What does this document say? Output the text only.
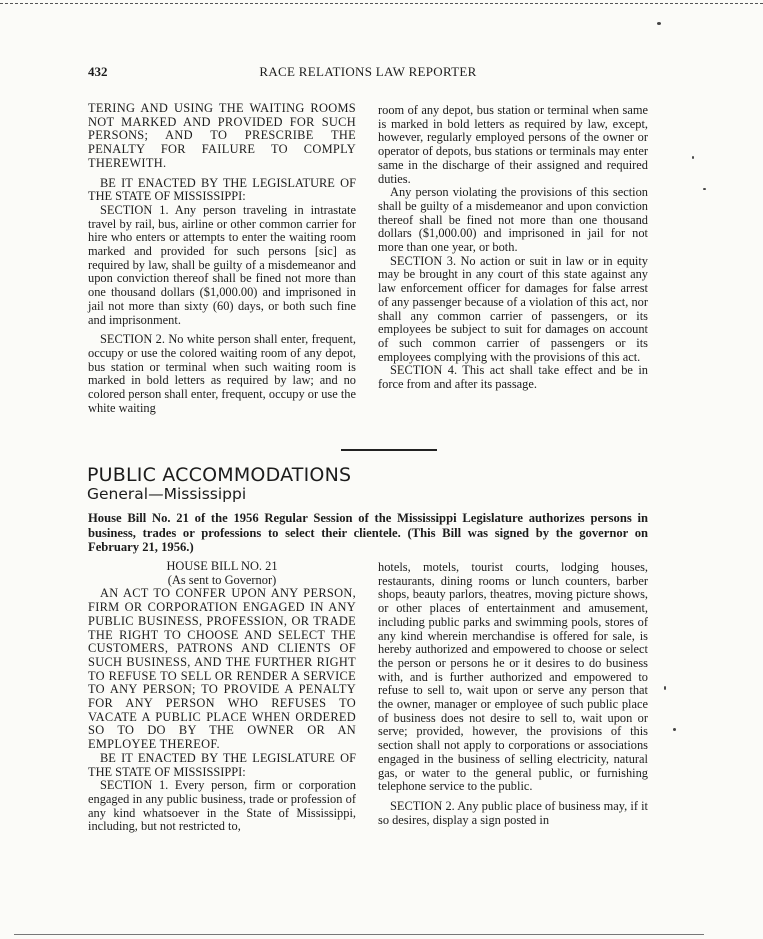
432	RACE RELATIONS LAW REPORTER

TERING AND USING THE WAITING ROOMS NOT MARKED AND PROVIDED FOR SUCH PERSONS; AND TO PRESCRIBE THE PENALTY FOR FAILURE TO COMPLY THEREWITH.

BE IT ENACTED BY THE LEGISLATURE OF THE STATE OF MISSISSIPPI:

SECTION 1. Any person traveling in intrastate travel by rail, bus, airline or other common carrier for hire who enters or attempts to enter the waiting room marked and provided for such persons [sic] as required by law, shall be guilty of a misdemeanor and upon conviction thereof shall be fined not more than one thousand dollars ($1,000.00) and imprisoned in jail not more than sixty (60) days, or both such fine and imprisonment.

SECTION 2. No white person shall enter, frequent, occupy or use the colored waiting room of any depot, bus station or terminal when such waiting room is marked in bold letters as required by law; and no colored person shall enter, frequent, occupy or use the white waiting

room of any depot, bus station or terminal when same is marked in bold letters as required by law, except, however, regularly employed persons of the owner or operator of depots, bus stations or terminals may enter same in the discharge of their assigned and required duties.

Any person violating the provisions of this section shall be guilty of a misdemeanor and upon conviction thereof shall be fined not more than one thousand dollars ($1,000.00) and imprisoned in jail for not more than one year, or both.

SECTION 3. No action or suit in law or in equity may be brought in any court of this state against any law enforcement officer for damages for false arrest of any passenger because of a violation of this act, nor shall any common carrier of passengers, or its employees be subject to suit for damages on account of such common carrier of passengers or its employees complying with the provisions of this act.

SECTION 4. This act shall take effect and be in force from and after its passage.

PUBLIC ACCOMMODATIONS
General—Mississippi
House Bill No. 21 of the 1956 Regular Session of the Mississippi Legislature authorizes persons in business, trades or professions to select their clientele. (This Bill was signed by the governor on February 21, 1956.)

HOUSE BILL NO. 21

(As sent to Governor)

AN ACT TO CONFER UPON ANY PERSON, FIRM OR CORPORATION ENGAGED IN ANY PUBLIC BUSINESS, PROFESSION, OR TRADE THE RIGHT TO CHOOSE AND SELECT THE CUSTOMERS, PATRONS AND CLIENTS OF SUCH BUSINESS, AND THE FURTHER RIGHT TO REFUSE TO SELL OR RENDER A SERVICE TO ANY PERSON; TO PROVIDE A PENALTY FOR ANY PERSON WHO REFUSES TO VACATE A PUBLIC PLACE WHEN ORDERED SO TO DO BY THE OWNER OR AN EMPLOYEE THEREOF.

BE IT ENACTED BY THE LEGISLATURE OF THE STATE OF MISSISSIPPI:

SECTION 1. Every person, firm or corporation engaged in any public business, trade or profession of any kind whatsoever in the State of Mississippi, including, but not restricted to,

hotels, motels, tourist courts, lodging houses, restaurants, dining rooms or lunch counters, barber shops, beauty parlors, theatres, moving picture shows, or other places of entertainment and amusement, including public parks and swimming pools, stores of any kind wherein merchandise is offered for sale, is hereby authorized and empowered to choose or select the person or persons he or it desires to do business with, and is further authorized and empowered to refuse to sell to, wait upon or serve any person that the owner, manager or employee of such public place of business does not desire to sell to, wait upon or serve; provided, however, the provisions of this section shall not apply to corporations or associations engaged in the business of selling electricity, natural gas, or water to the general public, or furnishing telephone service to the public.

SECTION 2. Any public place of business may, if it so desires, display a sign posted in
